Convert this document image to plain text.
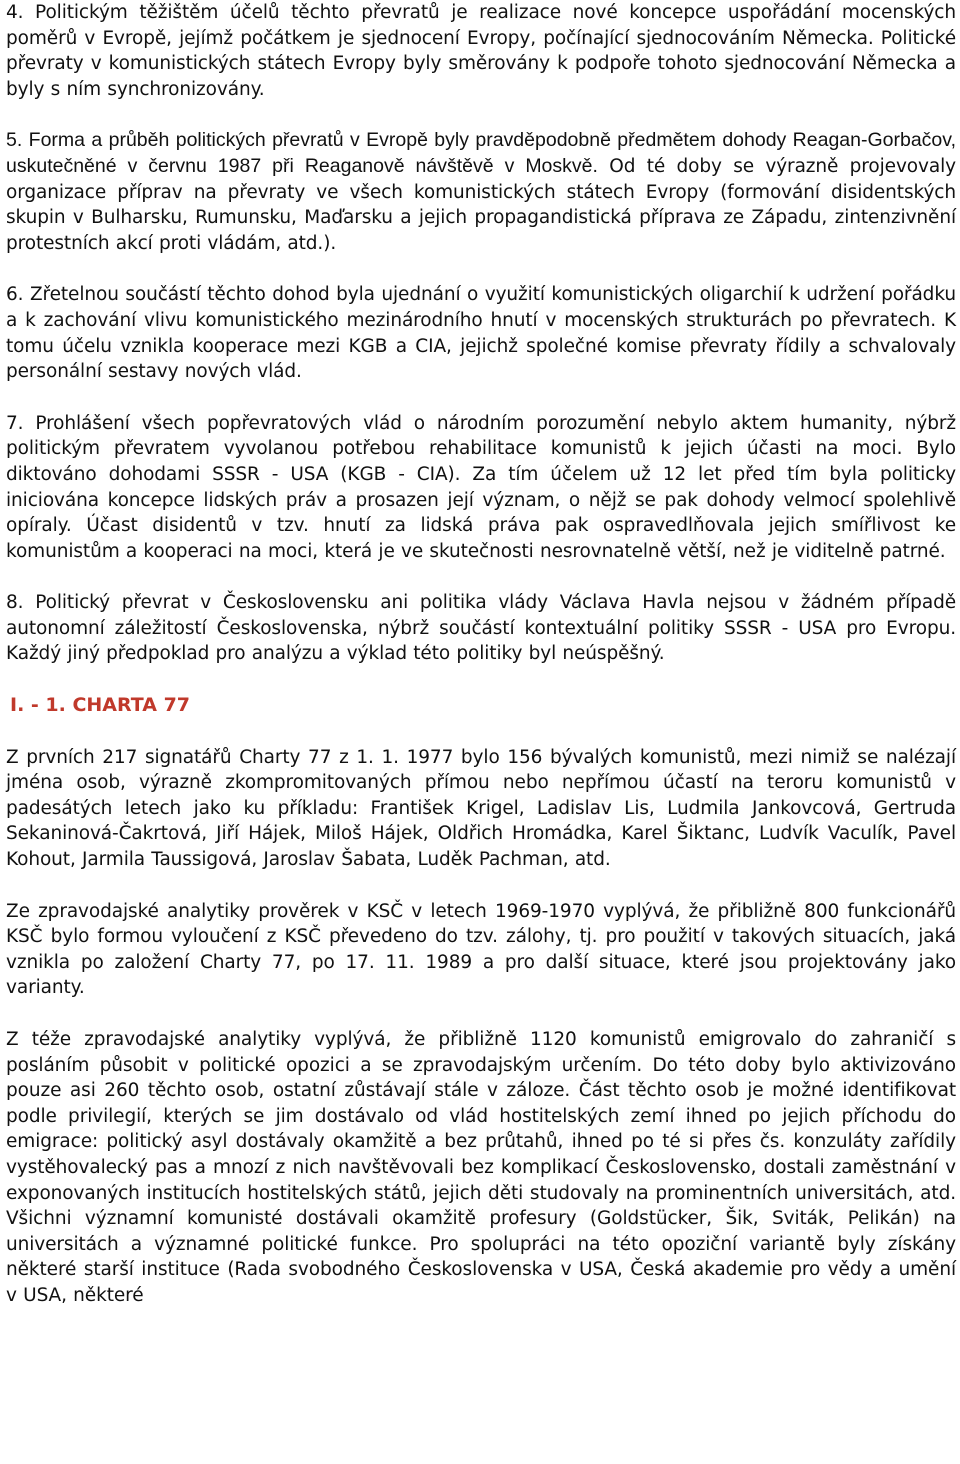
4. Politickým těžištěm účelů těchto převratů je realizace nové koncepce uspořádání mocenských poměrů v Evropě, jejímž počátkem je sjednocení Evropy, počínající sjednocováním Německa. Politické převraty v komunistických státech Evropy byly směrovány k podpoře tohoto sjednocování Německa a byly s ním synchronizovány.

5. Forma a průběh politických převratů v Evropě byly pravděpodobně předmětem dohody Reagan-Gorbačov, uskutečněné v červnu 1987 při Reaganově návštěvě v Moskvě. Od té doby se výrazně projevovaly organizace příprav na převraty ve všech komunistických státech Evropy (formování disidentských skupin v Bulharsku, Rumunsku, Maďarsku a jejich propagandistická příprava ze Západu, zintenzivnění protestních akcí proti vládám, atd.).

6. Zřetelnou součástí těchto dohod byla ujednání o využití komunistických oligarchií k udržení pořádku a k zachování vlivu komunistického mezinárodního hnutí v mocenských strukturách po převratech. K tomu účelu vznikla kooperace mezi KGB a CIA, jejichž společné komise převraty řídily a schvalovaly personální sestavy nových vlád.

7. Prohlášení všech popřevratových vlád o národním porozumění nebylo aktem humanity, nýbrž politickým převratem vyvolanou potřebou rehabilitace komunistů k jejich účasti na moci. Bylo diktováno dohodami SSSR - USA (KGB - CIA). Za tím účelem už 12 let před tím byla politicky iniciována koncepce lidských práv a prosazen její význam, o nějž se pak dohody velmocí spolehlivě opíraly. Účast disidentů v tzv. hnutí za lidská práva pak ospravedlňovala jejich smířlivost ke komunistům a kooperaci na moci, která je ve skutečnosti nesrovnatelně větší, než je viditelně patrné.

8. Politický převrat v Československu ani politika vlády Václava Havla nejsou v žádném případě autonomní záležitostí Československa, nýbrž součástí kontextuální politiky SSSR - USA pro Evropu. Každý jiný předpoklad pro analýzu a výklad této politiky byl neúspěšný.

I. - 1. CHARTA 77

Z prvních 217 signatářů Charty 77 z 1. 1. 1977 bylo 156 bývalých komunistů, mezi nimiž se nalézají jména osob, výrazně zkompromitovaných přímou nebo nepřímou účastí na teroru komunistů v padesátých letech jako ku příkladu: František Krigel, Ladislav Lis, Ludmila Jankovcová, Gertruda Sekaninová-Čakrtová, Jiří Hájek, Miloš Hájek, Oldřich Hromádka, Karel Šiktanc, Ludvík Vaculík, Pavel Kohout, Jarmila Taussigová, Jaroslav Šabata, Luděk Pachman, atd.

Ze zpravodajské analytiky prověrek v KSČ v letech 1969-1970 vyplývá, že přibližně 800 funkcionářů KSČ bylo formou vyloučení z KSČ převedeno do tzv. zálohy, tj. pro použití v takových situacích, jaká vznikla po založení Charty 77, po 17. 11. 1989 a pro další situace, které jsou projektovány jako varianty.

Z téže zpravodajské analytiky vyplývá, že přibližně 1120 komunistů emigrovalo do zahraničí s posláním působit v politické opozici a se zpravodajským určením. Do této doby bylo aktivizováno pouze asi 260 těchto osob, ostatní zůstávají stále v záloze. Část těchto osob je možné identifikovat podle privilegií, kterých se jim dostávalo od vlád hostitelských zemí ihned po jejich příchodu do emigrace: politický asyl dostávaly okamžitě a bez průtahů, ihned po té si přes čs. konzuláty zařídily vystěhovalecký pas a mnozí z nich navštěvovali bez komplikací Československo, dostali zaměstnání v exponovaných institucích hostitelských států, jejich děti studovaly na prominentních universitách, atd. Všichni významní komunisté dostávali okamžitě profesury (Goldstücker, Šik, Sviták, Pelikán) na universitách a významné politické funkce. Pro spolupráci na této opoziční variantě byly získány některé starší instituce (Rada svobodného Československa v USA, Česká akademie pro vědy a umění v USA, některé
